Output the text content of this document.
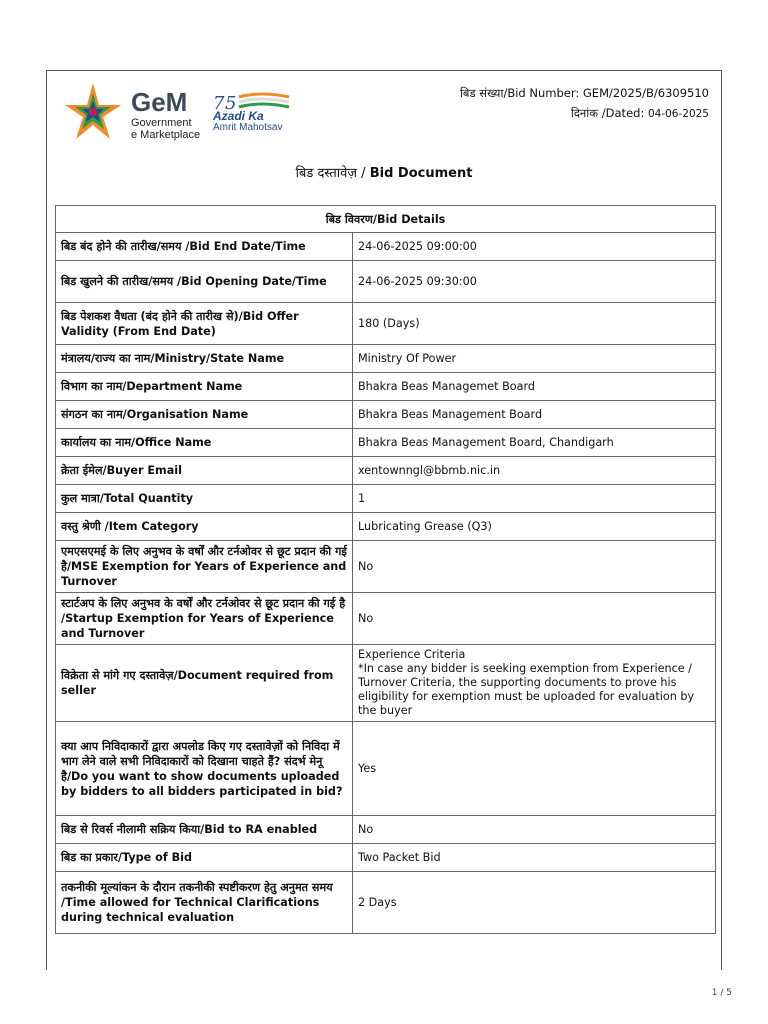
GeM
Government
e Marketplace
7 5
Azadi Ka
Amrit Mahotsav
बिड संख्या/Bid Number: GEM/2025/B/6309510
दिनांक /Dated: 04-06-2025
बिड दस्तावेज़ / Bid Document
बिड विवरण/Bid Details	
बिड बंद होने की तारीख/समय /Bid End Date/Time	24-06-2025 09:00:00
बिड खुलने की तारीख/समय /Bid Opening Date/Time	24-06-2025 09:30:00
बिड पेशकश वैधता (बंद होने की तारीख से)/Bid Offer Validity (From End Date)	180 (Days)
मंत्रालय/राज्य का नाम/Ministry/State Name	Ministry Of Power
विभाग का नाम/Department Name	Bhakra Beas Managemet Board
संगठन का नाम/Organisation Name	Bhakra Beas Management Board
कार्यालय का नाम/Office Name	Bhakra Beas Management Board, Chandigarh
क्रेता ईमेल/Buyer Email	xentownngl@bbmb.nic.in
कुल मात्रा/Total Quantity	1
वस्तु श्रेणी /Item Category	Lubricating Grease (Q3)
एमएसएमई के लिए अनुभव के वर्षों और टर्नओवर से छूट प्रदान की गई है/MSE Exemption for Years of Experience and Turnover	No
स्टार्टअप के लिए अनुभव के वर्षों और टर्नओवर से छूट प्रदान की गई है /Startup Exemption for Years of Experience and Turnover	No
विक्रेता से मांगे गए दस्तावेज़/Document required from seller	Experience Criteria
*In case any bidder is seeking exemption from Experience / Turnover Criteria, the supporting documents to prove his eligibility for exemption must be uploaded for evaluation by the buyer
क्या आप निविदाकारों द्वारा अपलोड किए गए दस्तावेज़ों को निविदा में भाग लेने वाले सभी निविदाकारों को दिखाना चाहते हैं? संदर्भ मेनू है/Do you want to show documents uploaded by bidders to all bidders participated in bid?	Yes
बिड से रिवर्स नीलामी सक्रिय किया/Bid to RA enabled	No
बिड का प्रकार/Type of Bid	Two Packet Bid
तकनीकी मूल्यांकन के दौरान तकनीकी स्पष्टीकरण हेतु अनुमत समय /Time allowed for Technical Clarifications during technical evaluation	2 Days
1 / 5
